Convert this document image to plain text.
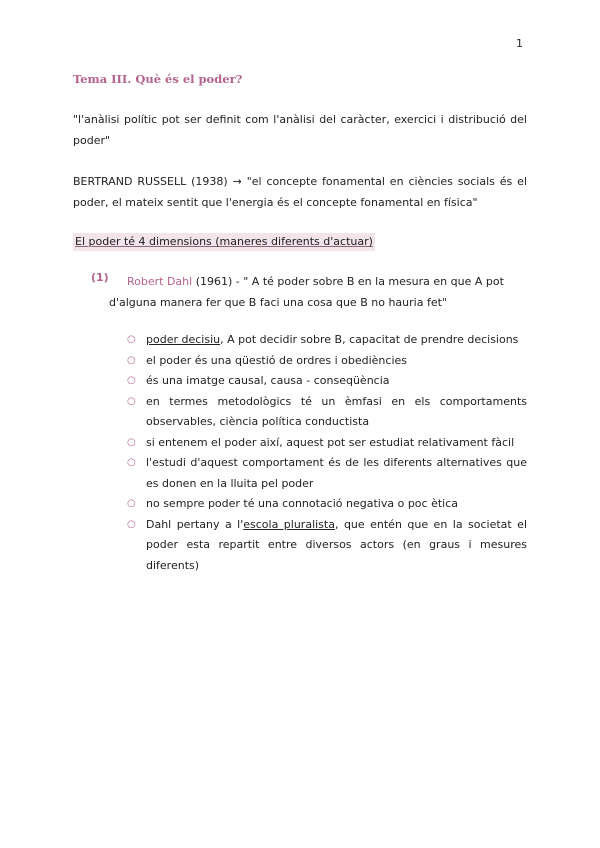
1
Tema III. Què és el poder?
"l'anàlisi polític pot ser definit com l'anàlisi del caràcter, exercici i distribució del poder"
BERTRAND RUSSELL (1938) → "el concepte fonamental en ciències socials és el poder, el mateix sentit que l'energia és el concepte fonamental en física"
El poder té 4 dimensions (maneres diferents d'actuar)
(1) Robert Dahl (1961) - " A té poder sobre B en la mesura en que A pot
d'alguna manera fer que B faci una cosa que B no hauria fet"
○ poder decisiu, A pot decidir sobre B, capacitat de prendre decisions
○ el poder és una qüestió de ordres i obediències
○ és una imatge causal, causa - conseqüència
○ en termes metodològics té un èmfasi en els comportaments observables, ciència política conductista
○ si entenem el poder així, aquest pot ser estudiat relativament fàcil
○ l'estudi d'aquest comportament és de les diferents alternatives que es donen en la lluita pel poder
○ no sempre poder té una connotació negativa o poc ètica
○ Dahl pertany a l'escola pluralista, que entén que en la societat el poder esta repartit entre diversos actors (en graus i mesures diferents)
